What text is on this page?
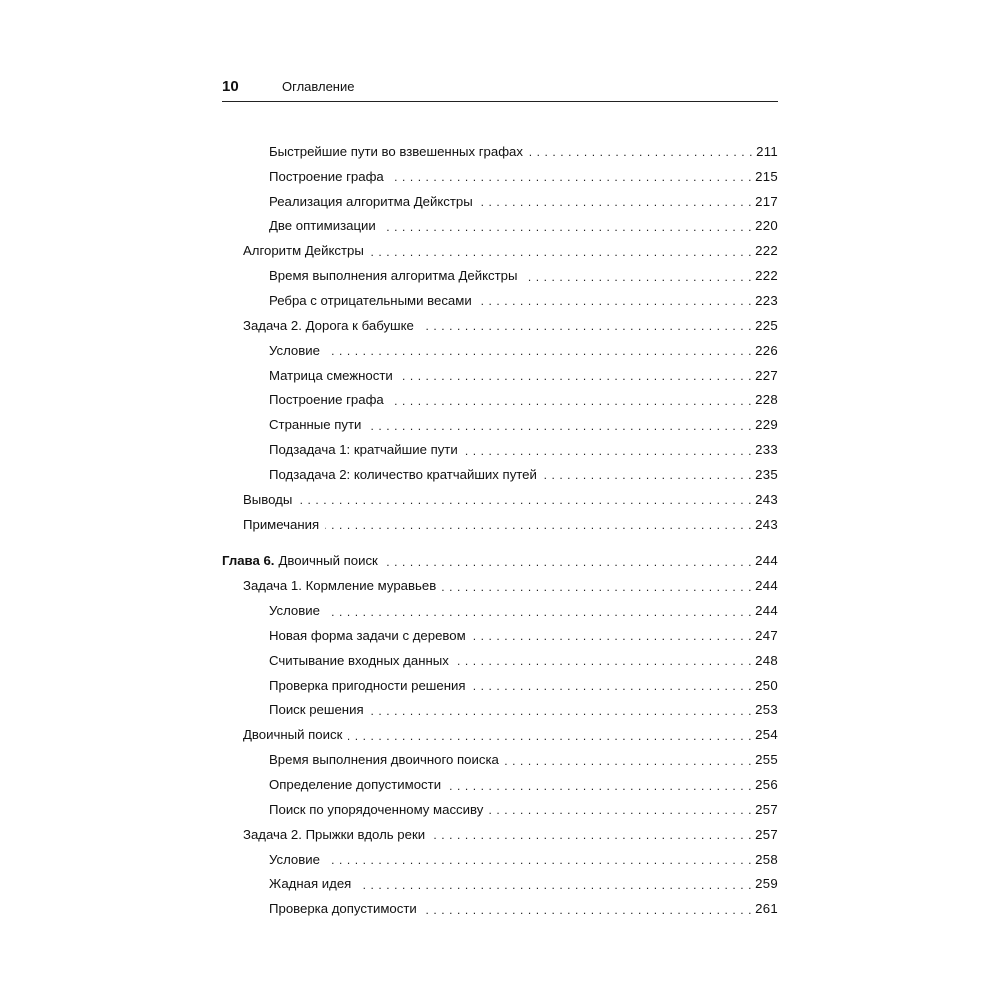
10	Оглавление
Быстрейшие пути во взвешенных графах . . .	211
Построение графа . . .	215
Реализация алгоритма Дейкстры . . .	217
Две оптимизации . . .	220
Алгоритм Дейкстры . . .	222
Время выполнения алгоритма Дейкстры . . .	222
Ребра с отрицательными весами . . .	223
Задача 2. Дорога к бабушке . . .	225
Условие . . .	226
Матрица смежности . . .	227
Построение графа . . .	228
Странные пути . . .	229
Подзадача 1: кратчайшие пути . . .	233
Подзадача 2: количество кратчайших путей . . .	235
Выводы . . .	243
Примечания . . .	243
Глава 6. Двоичный поиск . . .	244
Задача 1. Кормление муравьев . . .	244
Условие . . .	244
Новая форма задачи с деревом . . .	247
Считывание входных данных . . .	248
Проверка пригодности решения . . .	250
Поиск решения . . .	253
Двоичный поиск . . .	254
Время выполнения двоичного поиска . . .	255
Определение допустимости . . .	256
Поиск по упорядоченному массиву . . .	257
Задача 2. Прыжки вдоль реки . . .	257
Условие . . .	258
Жадная идея . . .	259
Проверка допустимости . . .	261
